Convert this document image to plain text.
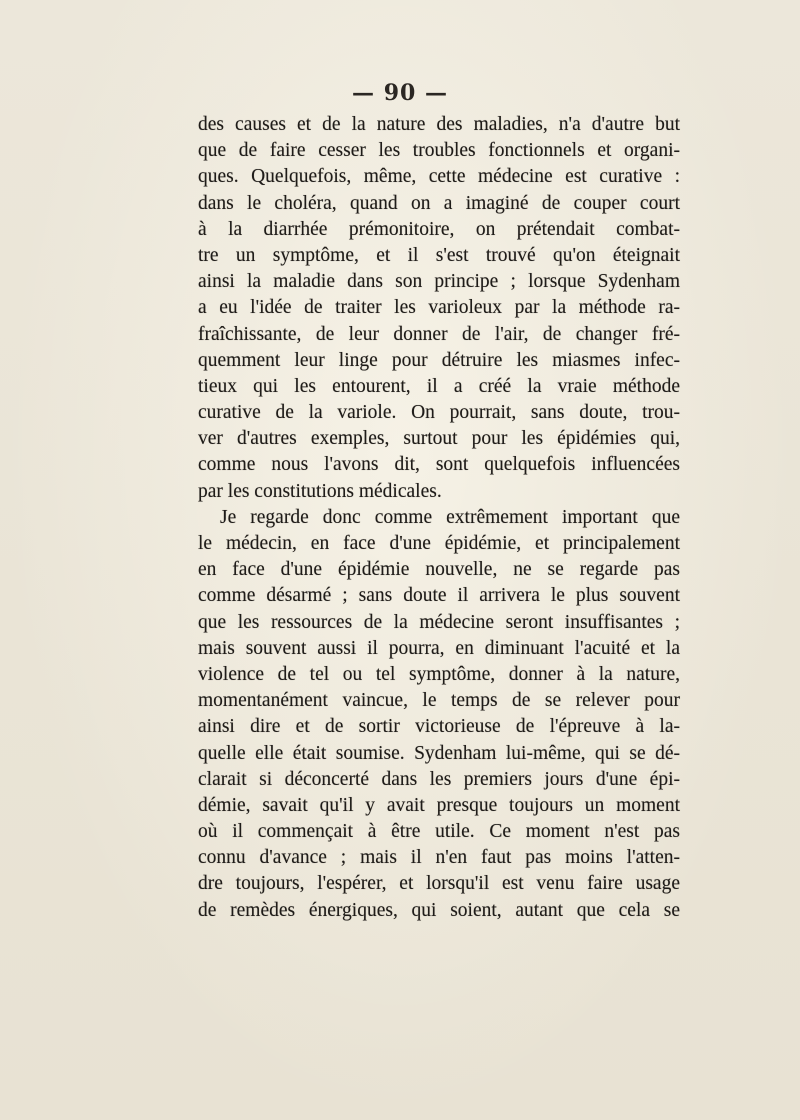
— 90 —
des causes et de la nature des maladies, n'a d'autre but
que de faire cesser les troubles fonctionnels et organi-
ques. Quelquefois, même, cette médecine est curative :
dans le choléra, quand on a imaginé de couper court
à la diarrhée prémonitoire, on prétendait combat-
tre un symptôme, et il s'est trouvé qu'on éteignait
ainsi la maladie dans son principe ; lorsque Sydenham
a eu l'idée de traiter les varioleux par la méthode ra-
fraîchissante, de leur donner de l'air, de changer fré-
quemment leur linge pour détruire les miasmes infec-
tieux qui les entourent, il a créé la vraie méthode
curative de la variole. On pourrait, sans doute, trou-
ver d'autres exemples, surtout pour les épidémies qui,
comme nous l'avons dit, sont quelquefois influencées
par les constitutions médicales.
Je regarde donc comme extrêmement important que
le médecin, en face d'une épidémie, et principalement
en face d'une épidémie nouvelle, ne se regarde pas
comme désarmé ; sans doute il arrivera le plus souvent
que les ressources de la médecine seront insuffisantes ;
mais souvent aussi il pourra, en diminuant l'acuité et la
violence de tel ou tel symptôme, donner à la nature,
momentanément vaincue, le temps de se relever pour
ainsi dire et de sortir victorieuse de l'épreuve à la-
quelle elle était soumise. Sydenham lui-même, qui se dé-
clarait si déconcerté dans les premiers jours d'une épi-
démie, savait qu'il y avait presque toujours un moment
où il commençait à être utile. Ce moment n'est pas
connu d'avance ; mais il n'en faut pas moins l'atten-
dre toujours, l'espérer, et lorsqu'il est venu faire usage
de remèdes énergiques, qui soient, autant que cela se
